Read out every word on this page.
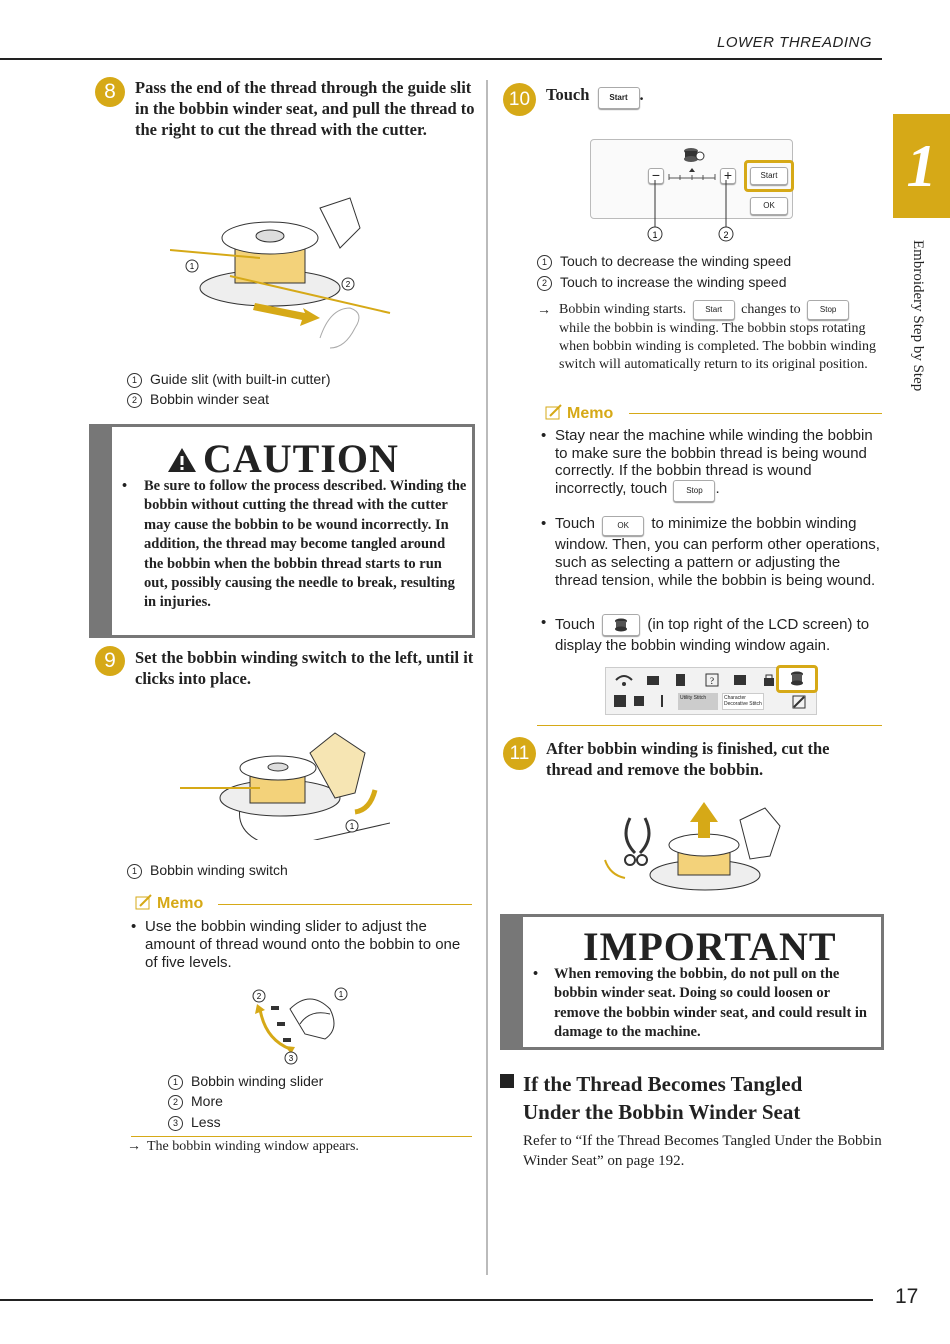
LOWER THREADING
1
Embroidery Step by Step
8	Pass the end of the thread through the guide slit in the bobbin winder seat, and pull the thread to the right to cut the thread with the cutter.
1
2
1 Guide slit (with built-in cutter)
2 Bobbin winder seat
CAUTION
• Be sure to follow the process described. Winding the bobbin without cutting the thread with the cutter may cause the bobbin to be wound incorrectly. In addition, the thread may become tangled around the bobbin when the bobbin thread starts to run out, possibly causing the needle to break, resulting in injuries.
9	Set the bobbin winding switch to the left, until it clicks into place.
1
1 Bobbin winding switch
Memo
• Use the bobbin winding slider to adjust the amount of thread wound onto the bobbin to one of five levels.
2	1
3
1 Bobbin winding slider
2 More
3 Less
→ The bobbin winding window appears.
10 Touch	Start .
−	+	Start
OK
1	2
1 Touch to decrease the winding speed
2 Touch to increase the winding speed
→ Bobbin winding starts. Start changes to Stop while the bobbin is winding. The bobbin stops rotating when bobbin winding is completed. The bobbin winding switch will automatically return to its original position.
Memo
• Stay near the machine while winding the bobbin to make sure the bobbin thread is being wound correctly. If the bobbin thread is wound incorrectly, touch Stop .
• Touch	OK to minimize the bobbin winding window. Then, you can perform other operations, such as selecting a pattern or adjusting the thread tension, while the bobbin is being wound.
• Touch	(in top right of the LCD screen) to display the bobbin winding window again.
?
Utility Stitch	Character Decorative Stitch
11	After bobbin winding is finished, cut the thread and remove the bobbin.
IMPORTANT
• When removing the bobbin, do not pull on the bobbin winder seat. Doing so could loosen or remove the bobbin winder seat, and could result in damage to the machine.
If the Thread Becomes Tangled
Under the Bobbin Winder Seat
Refer to “If the Thread Becomes Tangled Under the Bobbin Winder Seat” on page 192.
17
